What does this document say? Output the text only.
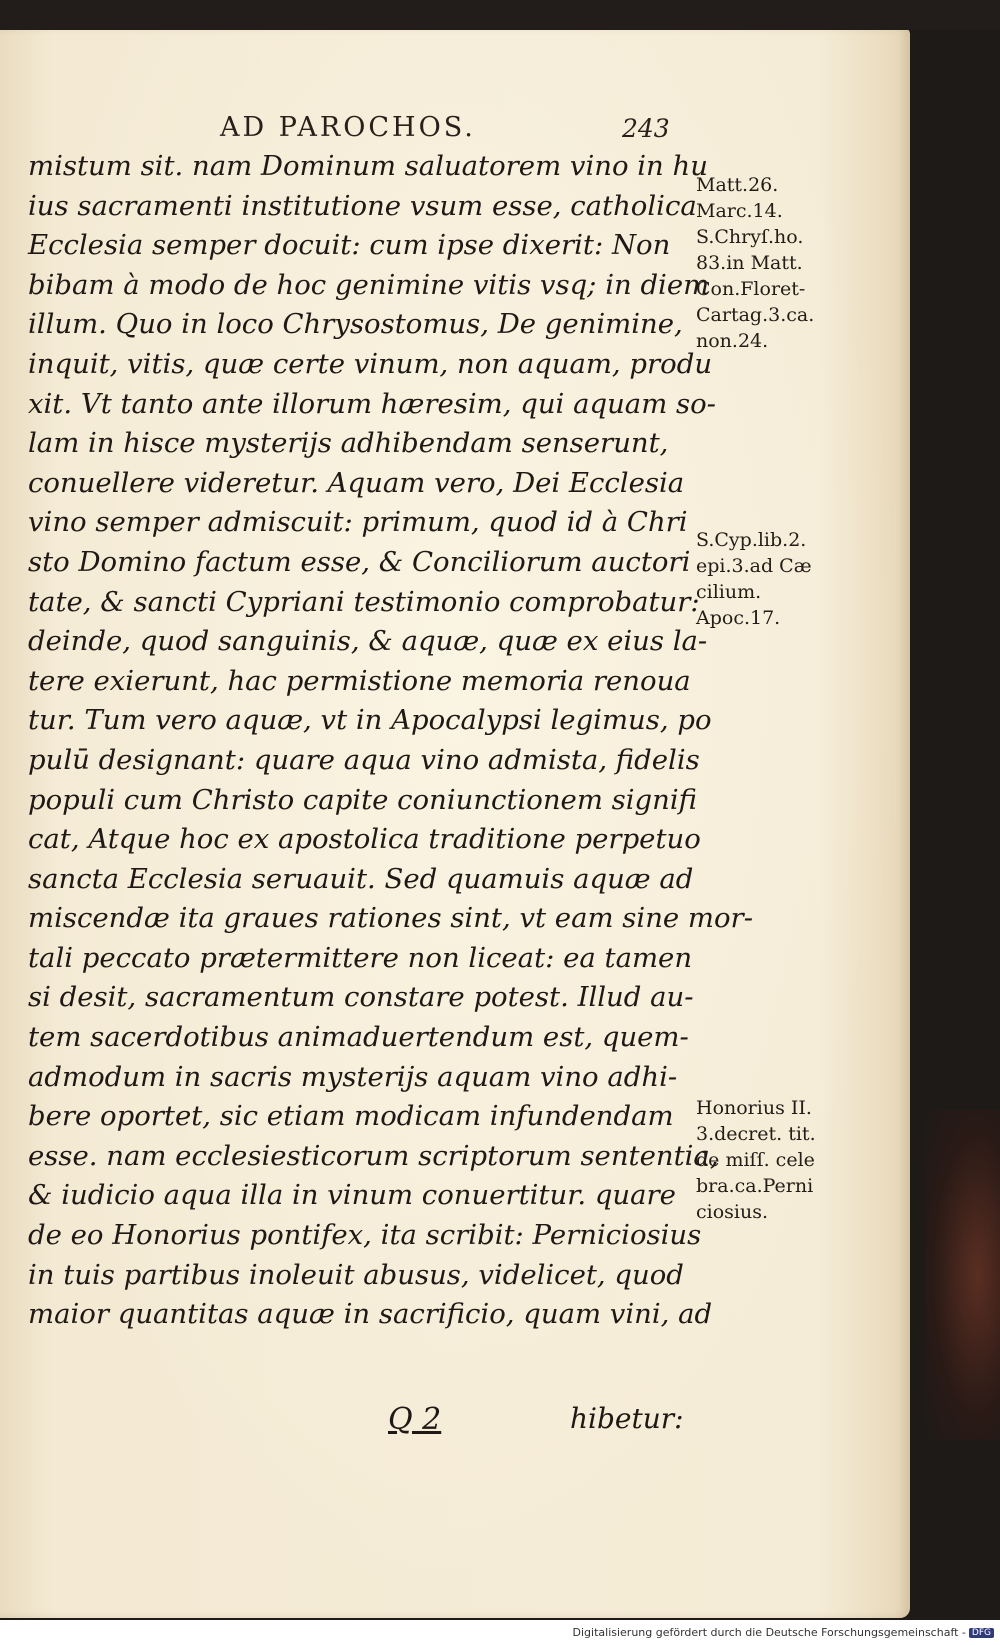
AD PAROCHOS.	243
mistum sit. nam Dominum saluatorem vino in hu
ius sacramenti institutione vsum esse, catholica
Ecclesia semper docuit: cum ipse dixerit: Non
bibam à modo de hoc genimine vitis vsq; in diem
illum. Quo in loco Chrysostomus, De genimine,
inquit, vitis, quæ certe vinum, non aquam, produ
xit. Vt tanto ante illorum hæresim, qui aquam so-
lam in hisce mysterijs adhibendam senserunt,
conuellere videretur. Aquam vero, Dei Ecclesia
vino semper admiscuit: primum, quod id à Chri
sto Domino factum esse, & Conciliorum auctori
tate, & sancti Cypriani testimonio comprobatur:
deinde, quod sanguinis, & aquæ, quæ ex eius la-
tere exierunt, hac permistione memoria renoua
tur. Tum vero aquæ, vt in Apocalypsi legimus, po
pulū designant: quare aqua vino admista, fidelis
populi cum Christo capite coniunctionem signifi
cat, Atque hoc ex apostolica traditione perpetuo
sancta Ecclesia seruauit. Sed quamuis aquæ ad
miscendæ ita graues rationes sint, vt eam sine mor-
tali peccato prætermittere non liceat: ea tamen
si desit, sacramentum constare potest. Illud au-
tem sacerdotibus animaduertendum est, quem-
admodum in sacris mysterijs aquam vino adhi-
bere oportet, sic etiam modicam infundendam
esse. nam ecclesiesticorum scriptorum sententia,
& iudicio aqua illa in vinum conuertitur. quare
de eo Honorius pontifex, ita scribit: Perniciosius
in tuis partibus inoleuit abusus, videlicet, quod
maior quantitas aquæ in sacrificio, quam vini, ad
Matt.26.
Marc.14.
S.Chryſ.ho.
83.in Matt.
Con.Floret-
Cartag.3.ca.
non.24.
S.Cyp.lib.2.
epi.3.ad Cæ
cilium.
Apoc.17.
Honorius II.
3.decret. tit.
de miſſ. cele
bra.ca.Perni
ciosius.
Q 2	hibetur:
Digitalisierung gefördert durch die Deutsche Forschungsgemeinschaft - DFG
